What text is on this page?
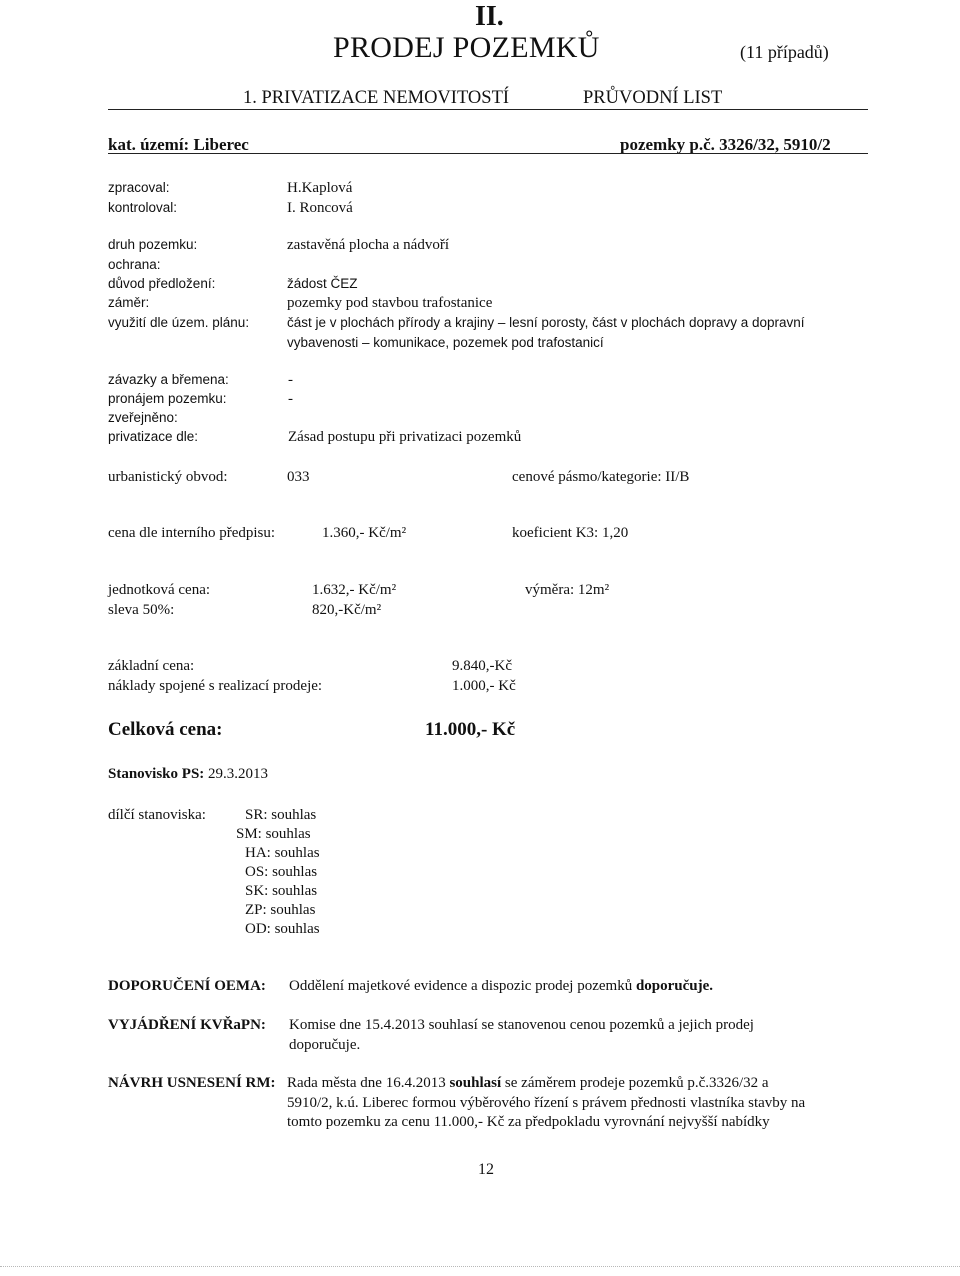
II.
PRODEJ POZEMKŮ	(11 případů)
1. PRIVATIZACE NEMOVITOSTÍ	PRŮVODNÍ LIST
kat. území: Liberec	pozemky p.č. 3326/32, 5910/2
zpracoval:	H.Kaplová
kontroloval:	I. Roncová
druh pozemku:	zastavěná plocha a nádvoří
ochrana:
důvod předložení:	žádost ČEZ
záměr:	pozemky pod stavbou trafostanice
využití dle územ. plánu:	část je v plochách přírody a krajiny – lesní porosty, část v plochách dopravy a dopravní
vybavenosti – komunikace, pozemek pod trafostanicí
závazky a břemena:	-
pronájem pozemku:	-
zveřejněno:
privatizace dle:	Zásad postupu při privatizaci pozemků
urbanistický obvod:	033	cenové pásmo/kategorie: II/B
cena dle interního předpisu:	1.360,- Kč/m²	koeficient K3: 1,20
jednotková cena:	1.632,- Kč/m²	výměra: 12m²
sleva 50%:	820,-Kč/m²
základní cena:	9.840,-Kč
náklady spojené s realizací prodeje:	1.000,- Kč
Celková cena:	11.000,- Kč
Stanovisko PS: 29.3.2013
dílčí stanoviska:	SR: souhlas
SM: souhlas
HA: souhlas
OS: souhlas
SK: souhlas
ZP: souhlas
OD: souhlas
DOPORUČENÍ OEMA: Oddělení majetkové evidence a dispozic prodej pozemků doporučuje.
VYJÁDŘENÍ KVŘaPN: Komise dne 15.4.2013 souhlasí se stanovenou cenou pozemků a jejich prodej
doporučuje.
NÁVRH USNESENÍ RM: Rada města dne 16.4.2013 souhlasí se záměrem prodeje pozemků p.č.3326/32 a
5910/2, k.ú. Liberec formou výběrového řízení s právem přednosti vlastníka stavby na
tomto pozemku za cenu 11.000,- Kč za předpokladu vyrovnání nejvyšší nabídky
12
